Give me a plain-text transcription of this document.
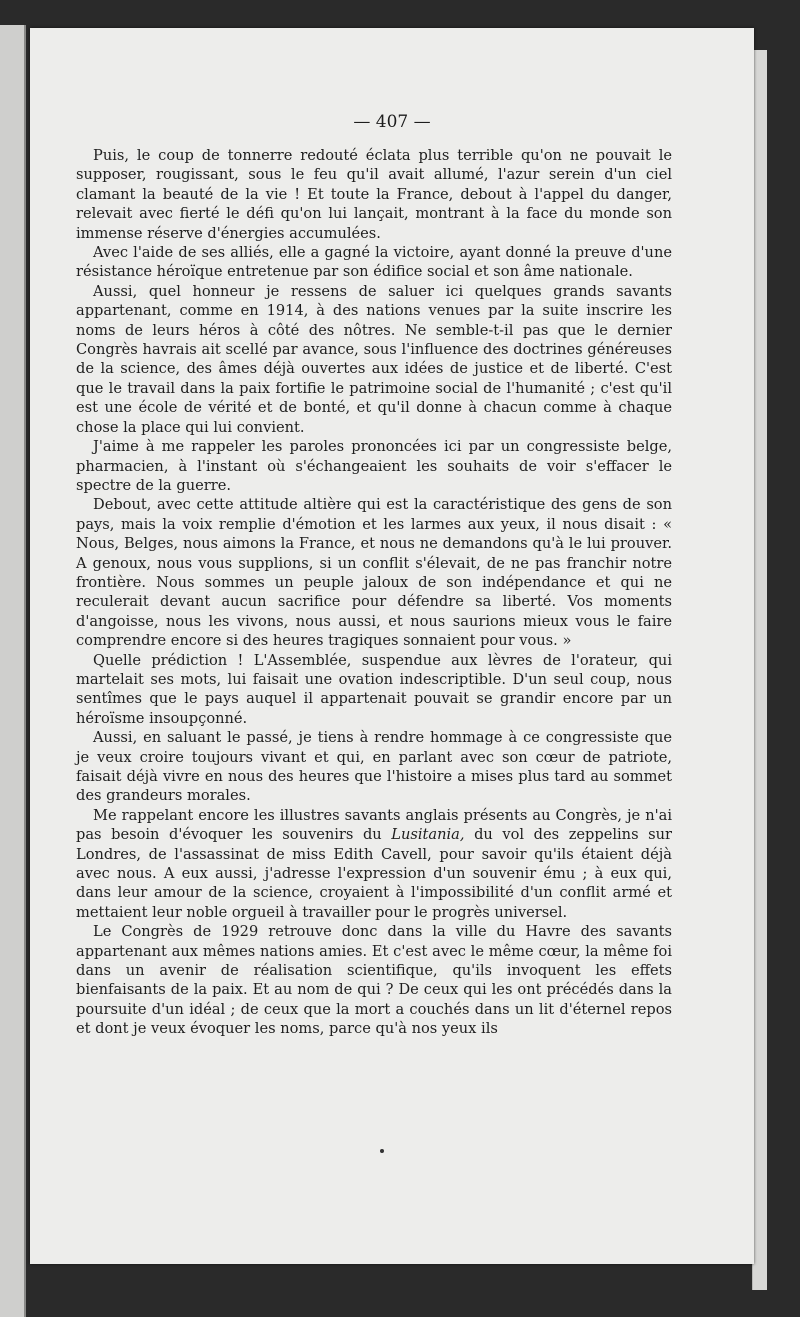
— 407 —

Puis, le coup de tonnerre redouté éclata plus terrible qu'on ne pouvait le supposer, rougissant, sous le feu qu'il avait allumé, l'azur serein d'un ciel clamant la beauté de la vie ! Et toute la France, debout à l'appel du danger, relevait avec fierté le défi qu'on lui lançait, montrant à la face du monde son immense réserve d'énergies accumulées.

Avec l'aide de ses alliés, elle a gagné la victoire, ayant donné la preuve d'une résistance héroïque entretenue par son édifice social et son âme nationale.

Aussi, quel honneur je ressens de saluer ici quelques grands savants appartenant, comme en 1914, à des nations venues par la suite inscrire les noms de leurs héros à côté des nôtres. Ne semble-t-il pas que le dernier Congrès havrais ait scellé par avance, sous l'influence des doctrines généreuses de la science, des âmes déjà ouvertes aux idées de justice et de liberté. C'est que le travail dans la paix fortifie le patrimoine social de l'humanité ; c'est qu'il est une école de vérité et de bonté, et qu'il donne à chacun comme à chaque chose la place qui lui convient.

J'aime à me rappeler les paroles prononcées ici par un congressiste belge, pharmacien, à l'instant où s'échangeaient les souhaits de voir s'effacer le spectre de la guerre.

Debout, avec cette attitude altière qui est la caractéristique des gens de son pays, mais la voix remplie d'émotion et les larmes aux yeux, il nous disait : « Nous, Belges, nous aimons la France, et nous ne demandons qu'à le lui prouver. A genoux, nous vous supplions, si un conflit s'élevait, de ne pas franchir notre frontière. Nous sommes un peuple jaloux de son indépendance et qui ne reculerait devant aucun sacrifice pour défendre sa liberté. Vos moments d'angoisse, nous les vivons, nous aussi, et nous saurions mieux vous le faire comprendre encore si des heures tragiques sonnaient pour vous. »

Quelle prédiction ! L'Assemblée, suspendue aux lèvres de l'orateur, qui martelait ses mots, lui faisait une ovation indescriptible. D'un seul coup, nous sentîmes que le pays auquel il appartenait pouvait se grandir encore par un héroïsme insoupçonné.

Aussi, en saluant le passé, je tiens à rendre hommage à ce congressiste que je veux croire toujours vivant et qui, en parlant avec son cœur de patriote, faisait déjà vivre en nous des heures que l'histoire a mises plus tard au sommet des grandeurs morales.

Me rappelant encore les illustres savants anglais présents au Congrès, je n'ai pas besoin d'évoquer les souvenirs du Lusitania, du vol des zeppelins sur Londres, de l'assassinat de miss Edith Cavell, pour savoir qu'ils étaient déjà avec nous. A eux aussi, j'adresse l'expression d'un souvenir ému ; à eux qui, dans leur amour de la science, croyaient à l'impossibilité d'un conflit armé et mettaient leur noble orgueil à travailler pour le progrès universel.

Le Congrès de 1929 retrouve donc dans la ville du Havre des savants appartenant aux mêmes nations amies. Et c'est avec le même cœur, la même foi dans un avenir de réalisation scientifique, qu'ils invoquent les effets bienfaisants de la paix. Et au nom de qui ? De ceux qui les ont précédés dans la poursuite d'un idéal ; de ceux que la mort a couchés dans un lit d'éternel repos et dont je veux évoquer les noms, parce qu'à nos yeux ils
